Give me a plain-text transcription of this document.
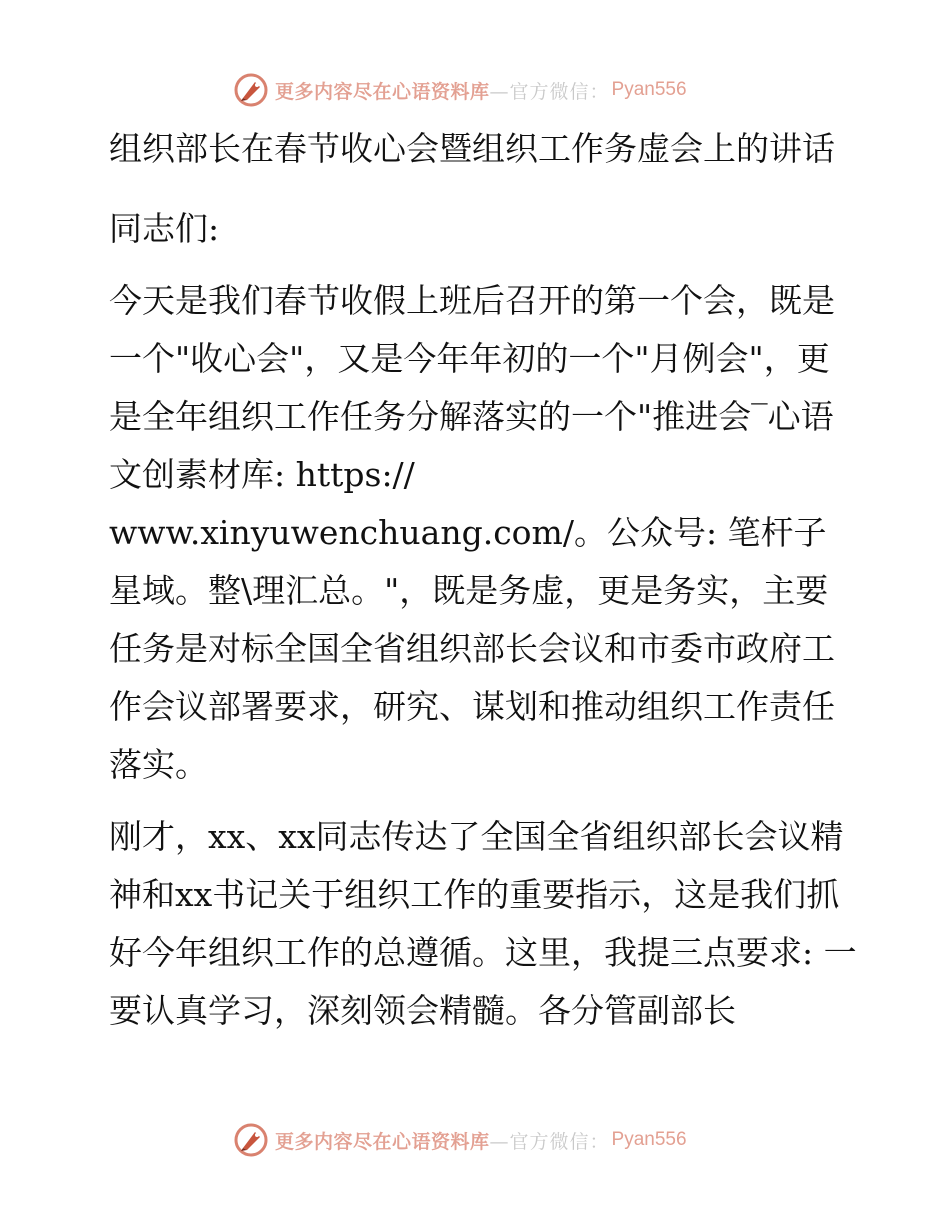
更多内容尽在心语资料库 —官方微信： Pyan556

组织部长在春节收心会暨组织工作务虚会上的讲话

同志们:

今天是我们春节收假上班后召开的第一个会，既是一个"收心会"，又是今年年初的一个"月例会"，更是全年组织工作任务分解落实的一个"推进会‾心语文创素材库: https://
www.xinyuwenchuang.com/。公众号: 笔杆子星域。整\理汇总。"，既是务虚，更是务实，主要任务是对标全国全省组织部长会议和市委市政府工作会议部署要求，研究、谋划和推动组织工作责任落实。

刚才，xx、xx同志传达了全国全省组织部长会议精神和xx书记关于组织工作的重要指示，这是我们抓好今年组织工作的总遵循。这里，我提三点要求: 一要认真学习，深刻领会精髓。各分管副部长

更多内容尽在心语资料库 —官方微信： Pyan556
